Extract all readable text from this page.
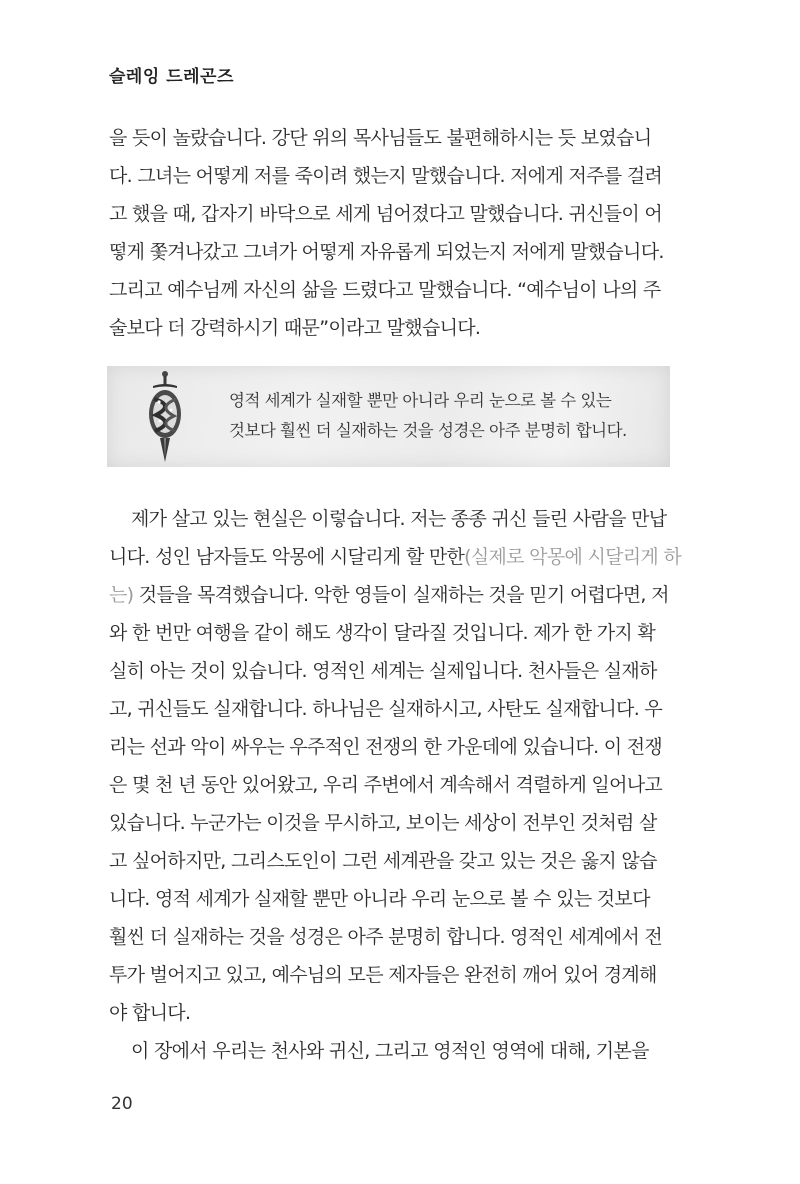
슬레잉 드레곤즈
을 듯이 놀랐습니다. 강단 위의 목사님들도 불편해하시는 듯 보였습니
다. 그녀는 어떻게 저를 죽이려 했는지 말했습니다. 저에게 저주를 걸려
고 했을 때, 갑자기 바닥으로 세게 넘어졌다고 말했습니다. 귀신들이 어
떻게 쫓겨나갔고 그녀가 어떻게 자유롭게 되었는지 저에게 말했습니다.
그리고 예수님께 자신의 삶을 드렸다고 말했습니다. “예수님이 나의 주
술보다 더 강력하시기 때문”이라고 말했습니다.
영적 세계가 실재할 뿐만 아니라 우리 눈으로 볼 수 있는
것보다 훨씬 더 실재하는 것을 성경은 아주 분명히 합니다.
제가 살고 있는 현실은 이렇습니다. 저는 종종 귀신 들린 사람을 만납
니다. 성인 남자들도 악몽에 시달리게 할 만한(실제로 악몽에 시달리게 하
는) 것들을 목격했습니다. 악한 영들이 실재하는 것을 믿기 어렵다면, 저
와 한 번만 여행을 같이 해도 생각이 달라질 것입니다. 제가 한 가지 확
실히 아는 것이 있습니다. 영적인 세계는 실제입니다. 천사들은 실재하
고, 귀신들도 실재합니다. 하나님은 실재하시고, 사탄도 실재합니다. 우
리는 선과 악이 싸우는 우주적인 전쟁의 한 가운데에 있습니다. 이 전쟁
은 몇 천 년 동안 있어왔고, 우리 주변에서 계속해서 격렬하게 일어나고
있습니다. 누군가는 이것을 무시하고, 보이는 세상이 전부인 것처럼 살
고 싶어하지만, 그리스도인이 그런 세계관을 갖고 있는 것은 옳지 않습
니다. 영적 세계가 실재할 뿐만 아니라 우리 눈으로 볼 수 있는 것보다
훨씬 더 실재하는 것을 성경은 아주 분명히 합니다. 영적인 세계에서 전
투가 벌어지고 있고, 예수님의 모든 제자들은 완전히 깨어 있어 경계해
야 합니다.
이 장에서 우리는 천사와 귀신, 그리고 영적인 영역에 대해, 기본을
20
